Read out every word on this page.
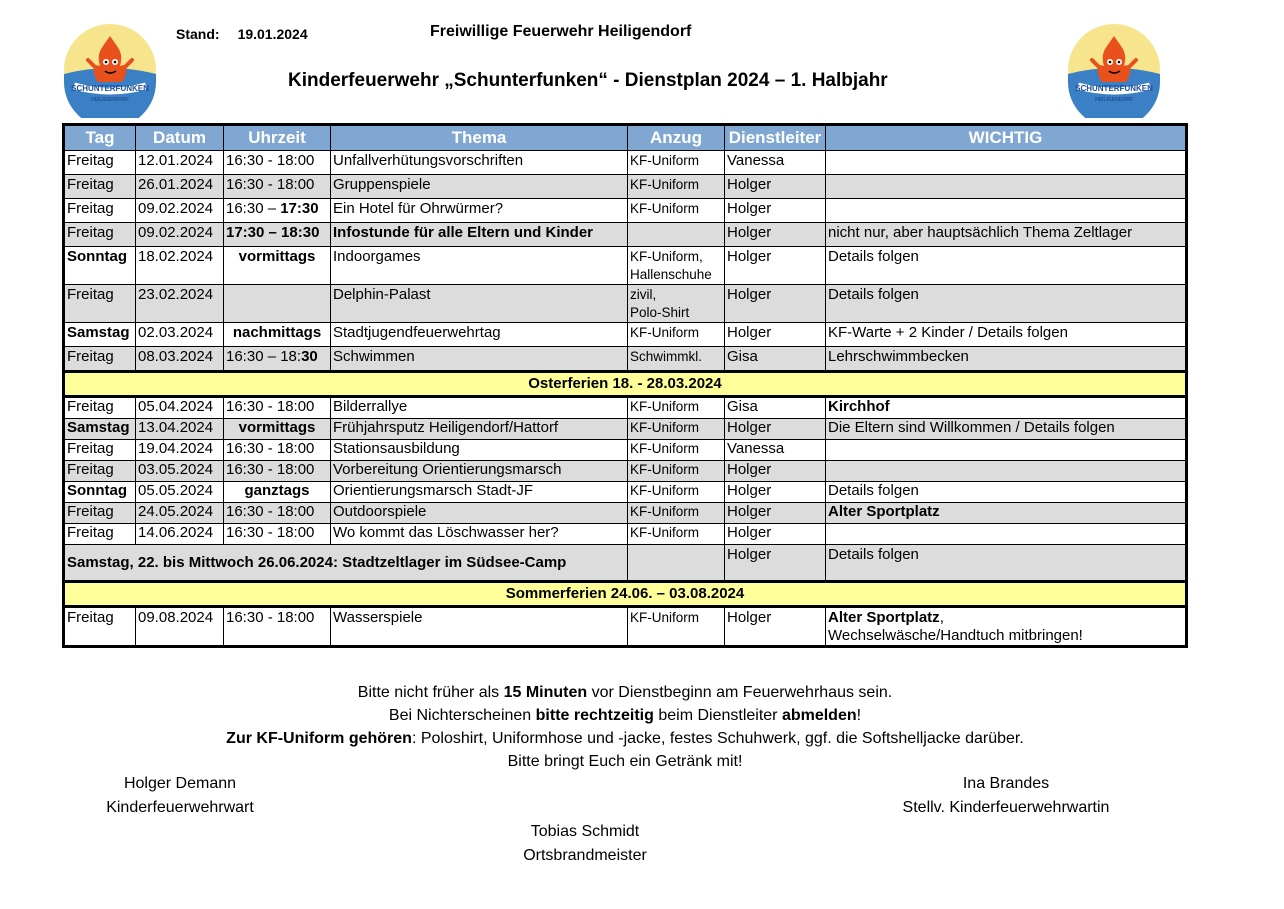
SCHUNTERFUNKEN
HEILIGENDORF
SCHUNTERFUNKEN
HEILIGENDORF
Stand: 19.01.2024	Freiwillige Feuerwehr Heiligendorf
Kinderfeuerwehr „Schunterfunken“ - Dienstplan 2024 – 1. Halbjahr
Tag	Datum	Uhrzeit	Thema	Anzug	Dienstleiter	WICHTIG
Freitag	12.01.2024	16:30 - 18:00	Unfallverhütungsvorschriften	KF-Uniform	Vanessa	
Freitag	26.01.2024	16:30 - 18:00	Gruppenspiele	KF-Uniform	Holger	
Freitag	09.02.2024	16:30 – 17:30	Ein Hotel für Ohrwürmer?	KF-Uniform	Holger	
Freitag	09.02.2024	17:30 – 18:30	Infostunde für alle Eltern und Kinder		Holger	nicht nur, aber hauptsächlich Thema Zeltlager
Sonntag	18.02.2024	vormittags	Indoorgames	KF-Uniform,
Hallenschuhe	Holger	Details folgen
Freitag	23.02.2024		Delphin-Palast	zivil,
Polo-Shirt	Holger	Details folgen
Samstag	02.03.2024	nachmittags	Stadtjugendfeuerwehrtag	KF-Uniform	Holger	KF-Warte + 2 Kinder / Details folgen
Freitag	08.03.2024	16:30 – 18:30	Schwimmen	Schwimmkl.	Gisa	Lehrschwimmbecken
Osterferien 18. - 28.03.2024						
Freitag	05.04.2024	16:30 - 18:00	Bilderrallye	KF-Uniform	Gisa	Kirchhof
Samstag	13.04.2024	vormittags	Frühjahrsputz Heiligendorf/Hattorf	KF-Uniform	Holger	Die Eltern sind Willkommen / Details folgen
Freitag	19.04.2024	16:30 - 18:00	Stationsausbildung	KF-Uniform	Vanessa	
Freitag	03.05.2024	16:30 - 18:00	Vorbereitung Orientierungsmarsch	KF-Uniform	Holger	
Sonntag	05.05.2024	ganztags	Orientierungsmarsch Stadt-JF	KF-Uniform	Holger	Details folgen
Freitag	24.05.2024	16:30 - 18:00	Outdoorspiele	KF-Uniform	Holger	Alter Sportplatz
Freitag	14.06.2024	16:30 - 18:00	Wo kommt das Löschwasser her?	KF-Uniform	Holger	
Samstag, 22. bis Mittwoch 26.06.2024: Stadtzeltlager im Südsee-Camp					Holger	Details folgen
Sommerferien 24.06. – 03.08.2024						
Freitag	09.08.2024	16:30 - 18:00	Wasserspiele	KF-Uniform	Holger	Alter Sportplatz,
Wechselwäsche/Handtuch mitbringen!
Bitte nicht früher als 15 Minuten vor Dienstbeginn am Feuerwehrhaus sein.
Bei Nichterscheinen bitte rechtzeitig beim Dienstleiter abmelden!
Zur KF-Uniform gehören: Poloshirt, Uniformhose und -jacke, festes Schuhwerk, ggf. die Softshelljacke darüber.
Bitte bringt Euch ein Getränk mit!
Holger Demann
Kinderfeuerwehrwart
Ina Brandes
Stellv. Kinderfeuerwehrwartin
Tobias Schmidt
Ortsbrandmeister
